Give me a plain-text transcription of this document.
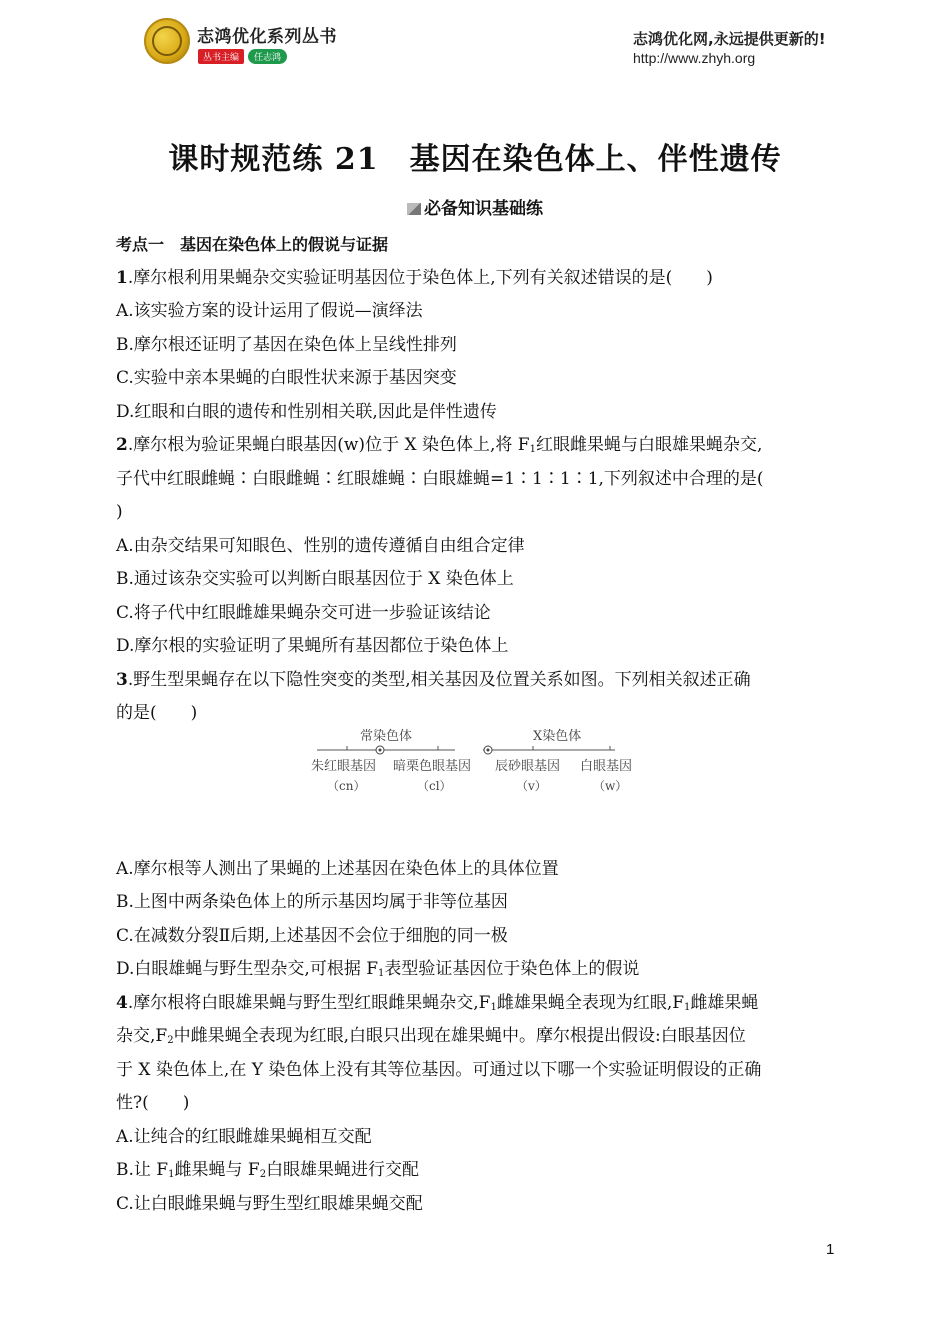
志鸿优化系列丛书
丛书主编	任志鸿
志鸿优化网,永远提供更新的!
http://www.zhyh.org
课时规范练 21　基因在染色体上、伴性遗传
必备知识基础练
考点一　基因在染色体上的假说与证据
1.摩尔根利用果蝇杂交实验证明基因位于染色体上,下列有关叙述错误的是(　　)
A.该实验方案的设计运用了假说—演绎法
B.摩尔根还证明了基因在染色体上呈线性排列
C.实验中亲本果蝇的白眼性状来源于基因突变
D.红眼和白眼的遗传和性别相关联,因此是伴性遗传
2.摩尔根为验证果蝇白眼基因(w)位于 X 染色体上,将 $F_1$红眼雌果蝇与白眼雄果蝇杂交,
子代中红眼雌蝇∶白眼雌蝇∶红眼雄蝇∶白眼雄蝇=1∶1∶1∶1,下列叙述中合理的是(
)
A.由杂交结果可知眼色、性别的遗传遵循自由组合定律
B.通过该杂交实验可以判断白眼基因位于 X 染色体上
C.将子代中红眼雌雄果蝇杂交可进一步验证该结论
D.摩尔根的实验证明了果蝇所有基因都位于染色体上
3.野生型果蝇存在以下隐性突变的类型,相关基因及位置关系如图。下列相关叙述正确
的是(　　)
A.摩尔根等人测出了果蝇的上述基因在染色体上的具体位置
B.上图中两条染色体上的所示基因均属于非等位基因
C.在减数分裂Ⅱ后期,上述基因不会位于细胞的同一极
D.白眼雄蝇与野生型杂交,可根据 $F_1$表型验证基因位于染色体上的假说
4.摩尔根将白眼雄果蝇与野生型红眼雌果蝇杂交$,F_1$雌雄果蝇全表现为红眼$,F_1$雌雄果蝇
杂交$,F_2$中雌果蝇全表现为红眼,白眼只出现在雄果蝇中。摩尔根提出假设:白眼基因位
于 X 染色体上,在 Y 染色体上没有其等位基因。可通过以下哪一个实验证明假设的正确
性?(　　)
A.让纯合的红眼雌雄果蝇相互交配
B.让 $F_1$雌果蝇与 $F_2$白眼雄果蝇进行交配
C.让白眼雌果蝇与野生型红眼雄果蝇交配
常染色体	X染色体
朱红眼基因 暗栗色眼基因 辰砂眼基因 白眼基因
（cn）	（cl）	（v）	（w）
1
